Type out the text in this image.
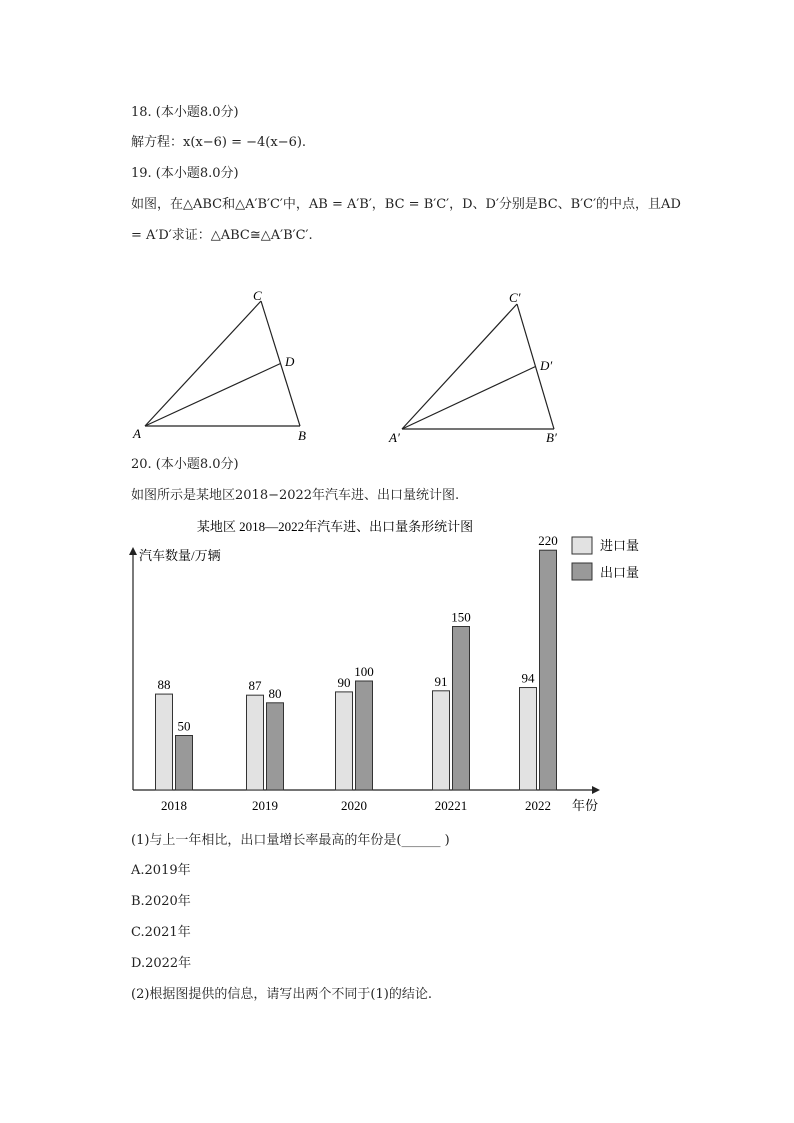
18. (本小题8.0分)
解方程：x(x−6) = −4(x−6).
19. (本小题8.0分)
如图，在△ABC和△A′B′C′中，AB = A′B′，BC = B′C′，D、D′分别是BC、B′C′的中点，且AD
= A′D′求证：△ABC≅△A′B′C′.
C
D
A	B
C′
D′
A′	B′
20. (本小题8.0分)
如图所示是某地区2018−2022年汽车进、出口量统计图.
某地区 2018—2022年汽车进、出口量条形统计图
汽车数量/万辆
年份
进口量
出口量
88
50
2018
87
80
2019
90
100
2020
91
150
20221
94
220
2022
(1)与上一年相比，出口量增长率最高的年份是(______ )
A.2019年
B.2020年
C.2021年
D.2022年
(2)根据图提供的信息，请写出两个不同于(1)的结论.
